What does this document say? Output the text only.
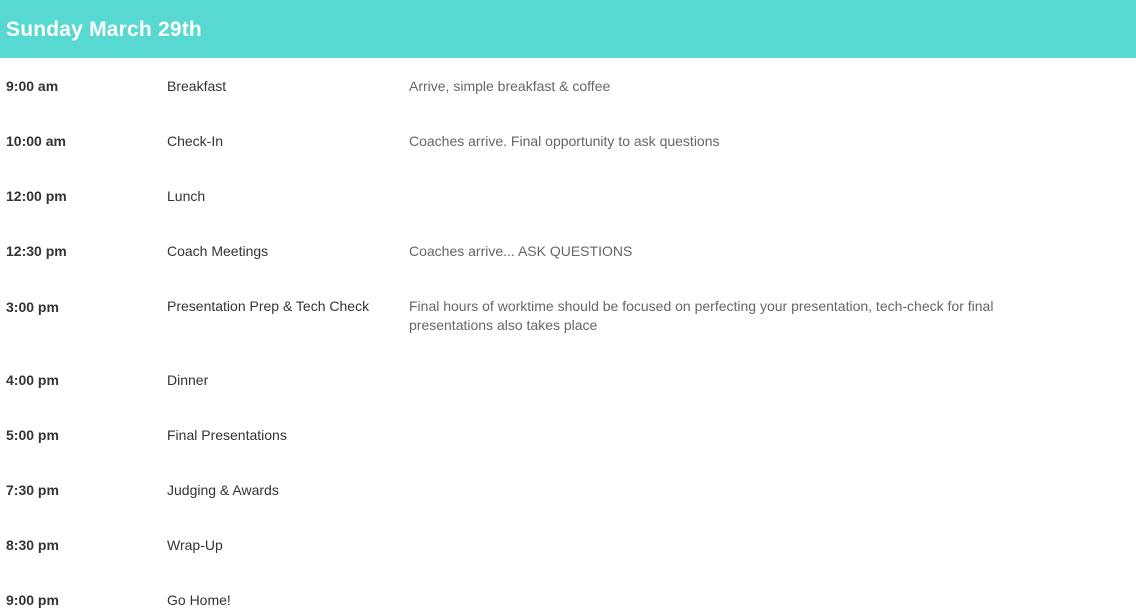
Sunday March 29th
9:00 am	Breakfast	Arrive, simple breakfast & coffee
10:00 am	Check-In	Coaches arrive. Final opportunity to ask questions
12:00 pm	Lunch
12:30 pm	Coach Meetings	Coaches arrive... ASK QUESTIONS
3:00 pm	Presentation Prep & Tech Check	Final hours of worktime should be focused on perfecting your presentation, tech-check for final presentations also takes place
4:00 pm	Dinner
5:00 pm	Final Presentations
7:30 pm	Judging & Awards
8:30 pm	Wrap-Up
9:00 pm	Go Home!
